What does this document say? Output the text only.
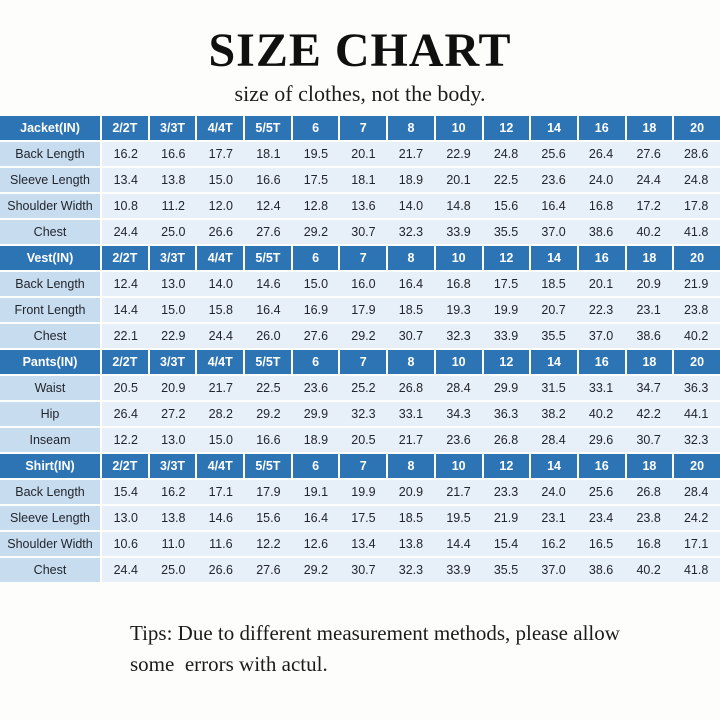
SIZE CHART
size of clothes, not the body.
Jacket(IN)	2/2T	3/3T	4/4T	5/5T	6	7	8	10	12	14	16	18	20
Back Length	16.2	16.6	17.7	18.1	19.5	20.1	21.7	22.9	24.8	25.6	26.4	27.6	28.6
Sleeve Length	13.4	13.8	15.0	16.6	17.5	18.1	18.9	20.1	22.5	23.6	24.0	24.4	24.8
Shoulder Width	10.8	11.2	12.0	12.4	12.8	13.6	14.0	14.8	15.6	16.4	16.8	17.2	17.8
Chest	24.4	25.0	26.6	27.6	29.2	30.7	32.3	33.9	35.5	37.0	38.6	40.2	41.8
Vest(IN)	2/2T	3/3T	4/4T	5/5T	6	7	8	10	12	14	16	18	20
Back Length	12.4	13.0	14.0	14.6	15.0	16.0	16.4	16.8	17.5	18.5	20.1	20.9	21.9
Front Length	14.4	15.0	15.8	16.4	16.9	17.9	18.5	19.3	19.9	20.7	22.3	23.1	23.8
Chest	22.1	22.9	24.4	26.0	27.6	29.2	30.7	32.3	33.9	35.5	37.0	38.6	40.2
Pants(IN)	2/2T	3/3T	4/4T	5/5T	6	7	8	10	12	14	16	18	20
Waist	20.5	20.9	21.7	22.5	23.6	25.2	26.8	28.4	29.9	31.5	33.1	34.7	36.3
Hip	26.4	27.2	28.2	29.2	29.9	32.3	33.1	34.3	36.3	38.2	40.2	42.2	44.1
Inseam	12.2	13.0	15.0	16.6	18.9	20.5	21.7	23.6	26.8	28.4	29.6	30.7	32.3
Shirt(IN)	2/2T	3/3T	4/4T	5/5T	6	7	8	10	12	14	16	18	20
Back Length	15.4	16.2	17.1	17.9	19.1	19.9	20.9	21.7	23.3	24.0	25.6	26.8	28.4
Sleeve Length	13.0	13.8	14.6	15.6	16.4	17.5	18.5	19.5	21.9	23.1	23.4	23.8	24.2
Shoulder Width	10.6	11.0	11.6	12.2	12.6	13.4	13.8	14.4	15.4	16.2	16.5	16.8	17.1
Chest	24.4	25.0	26.6	27.6	29.2	30.7	32.3	33.9	35.5	37.0	38.6	40.2	41.8
Tips: Due to different measurement methods, please allow
some  errors with actul.
